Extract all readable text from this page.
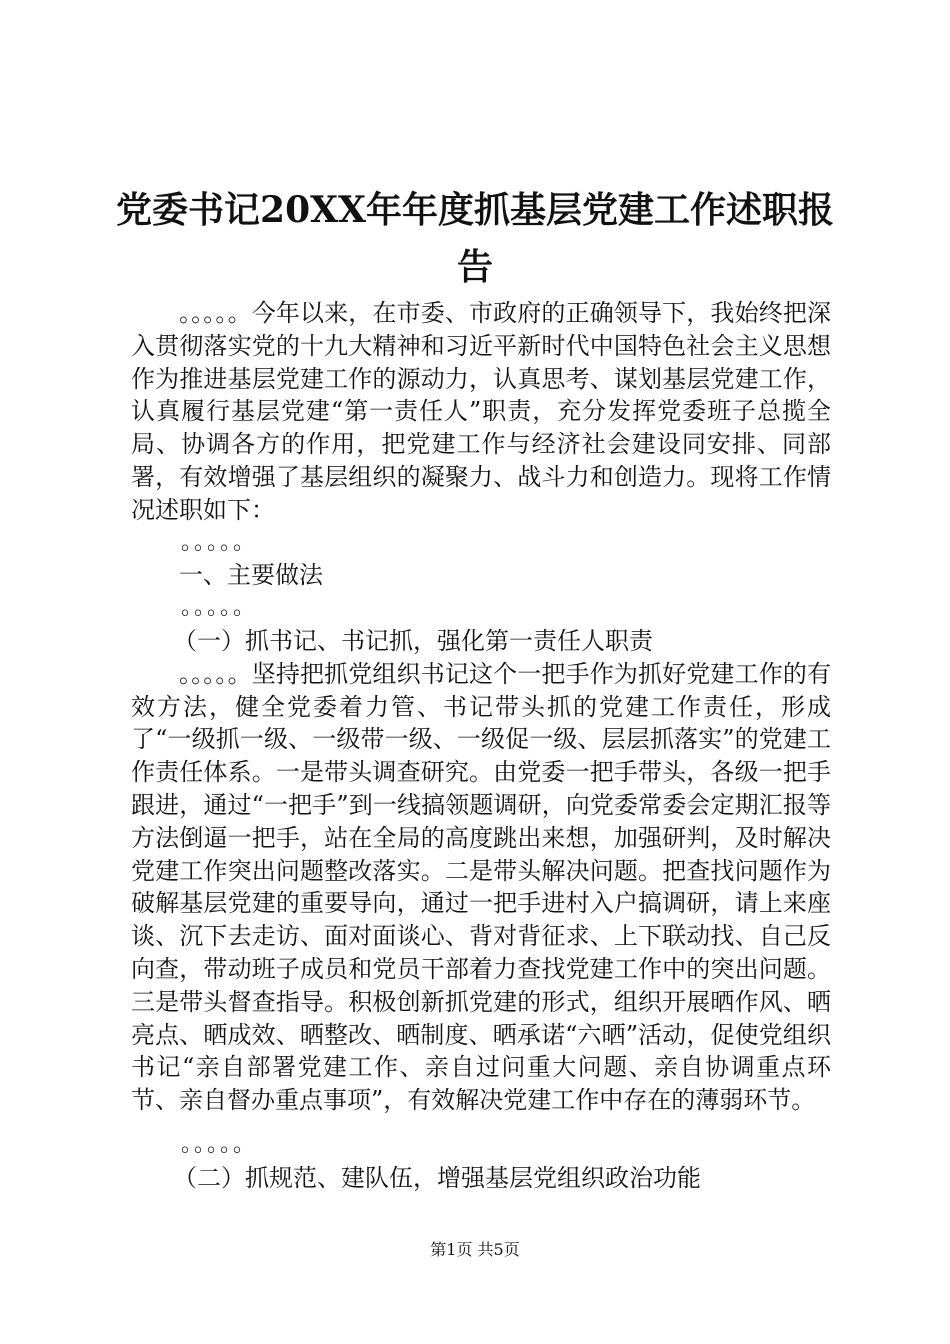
党委书记20XX年年度抓基层党建工作述职报
告

。。。。。今年以来，在市委、市政府的正确领导下，我始终把深入贯彻落实党的十九大精神和习近平新时代中国特色社会主义思想作为推进基层党建工作的源动力，认真思考、谋划基层党建工作，认真履行基层党建“第一责任人”职责，充分发挥党委班子总揽全局、协调各方的作用，把党建工作与经济社会建设同安排、同部署，有效增强了基层组织的凝聚力、战斗力和创造力。现将工作情况述职如下：

。。。。。

一、主要做法

。。。。。

（一）抓书记、书记抓，强化第一责任人职责

。。。。。坚持把抓党组织书记这个一把手作为抓好党建工作的有效方法，健全党委着力管、书记带头抓的党建工作责任，形成了“一级抓一级、一级带一级、一级促一级、层层抓落实”的党建工作责任体系。一是带头调查研究。由党委一把手带头，各级一把手跟进，通过“一把手”到一线搞领题调研，向党委常委会定期汇报等方法倒逼一把手，站在全局的高度跳出来想，加强研判，及时解决党建工作突出问题整改落实。二是带头解决问题。把查找问题作为破解基层党建的重要导向，通过一把手进村入户搞调研，请上来座谈、沉下去走访、面对面谈心、背对背征求、上下联动找、自己反向查，带动班子成员和党员干部着力查找党建工作中的突出问题。三是带头督查指导。积极创新抓党建的形式，组织开展晒作风、晒亮点、晒成效、晒整改、晒制度、晒承诺“六晒”活动，促使党组织书记“亲自部署党建工作、亲自过问重大问题、亲自协调重点环节、亲自督办重点事项”，有效解决党建工作中存在的薄弱环节。

。。。。。

（二）抓规范、建队伍，增强基层党组织政治功能

第1页 共5页
